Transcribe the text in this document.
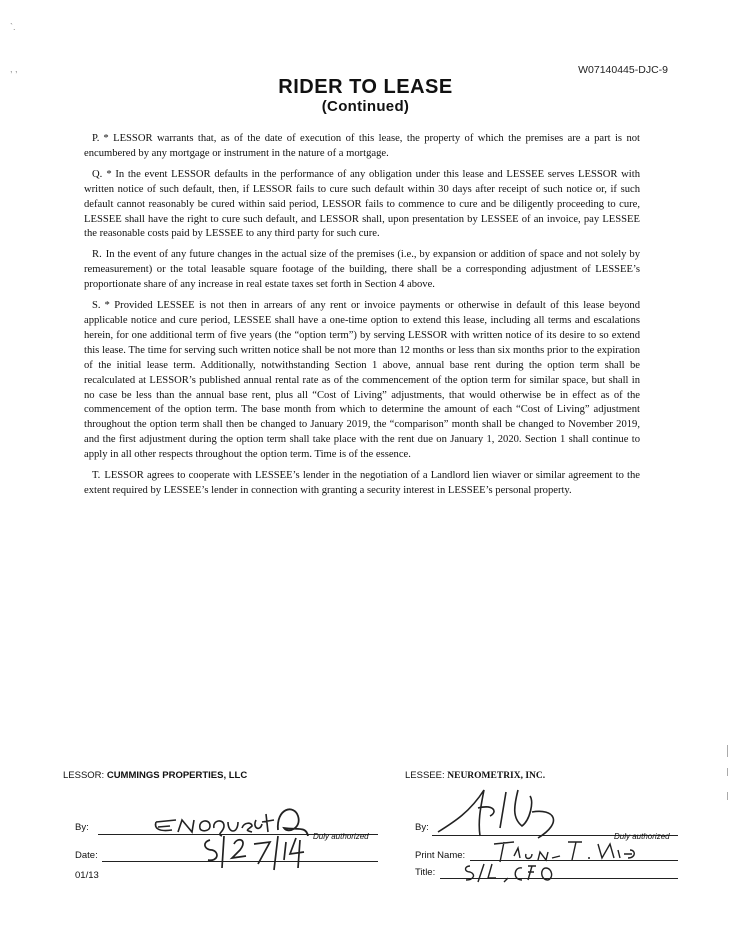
`.
, ,	W07140445-DJC-9
RIDER TO LEASE
(Continued)

P. * LESSOR warrants that, as of the date of execution of this lease, the property of which the premises are a part is not encumbered by any mortgage or instrument in the nature of a mortgage.

Q. * In the event LESSOR defaults in the performance of any obligation under this lease and LESSEE serves LESSOR with written notice of such default, then, if LESSOR fails to cure such default within 30 days after receipt of such notice or, if such default cannot reasonably be cured within said period, LESSOR fails to commence to cure and be diligently proceeding to cure, LESSEE shall have the right to cure such default, and LESSOR shall, upon presentation by LESSEE of an invoice, pay LESSEE the reasonable costs paid by LESSEE to any third party for such cure.

R. In the event of any future changes in the actual size of the premises (i.e., by expansion or addition of space and not solely by remeasurement) or the total leasable square footage of the building, there shall be a corresponding adjustment of LESSEE’s proportionate share of any increase in real estate taxes set forth in Section 4 above.

S. * Provided LESSEE is not then in arrears of any rent or invoice payments or otherwise in default of this lease beyond applicable notice and cure period, LESSEE shall have a one-time option to extend this lease, including all terms and escalations herein, for one additional term of five years (the “option term”) by serving LESSOR with written notice of its desire to so extend this lease. The time for serving such written notice shall be not more than 12 months or less than six months prior to the expiration of the initial lease term. Additionally, notwithstanding Section 1 above, annual base rent during the option term shall be recalculated at LESSOR’s published annual rental rate as of the commencement of the option term for similar space, but shall in no case be less than the annual base rent, plus all “Cost of Living” adjustments, that would otherwise be in effect as of the commencement of the option term. The base month from which to determine the amount of each “Cost of Living” adjustment throughout the option term shall then be changed to January 2019, the “comparison” month shall be changed to November 2019, and the first adjustment during the option term shall take place with the rent due on January 1, 2020. Section 1 shall continue to apply in all other respects throughout the option term. Time is of the essence.

T. LESSOR agrees to cooperate with LESSEE’s lender in the negotiation of a Landlord lien wiaver or similar agreement to the extent required by LESSEE’s lender in connection with granting a security interest in LESSEE’s personal property.

LESSOR: CUMMINGS PROPERTIES, LLC
By:
Duly authorized
Date:
01/13
LESSEE: NEUROMETRIX, INC.
By:
Duly authorized
Print Name:
Title:
